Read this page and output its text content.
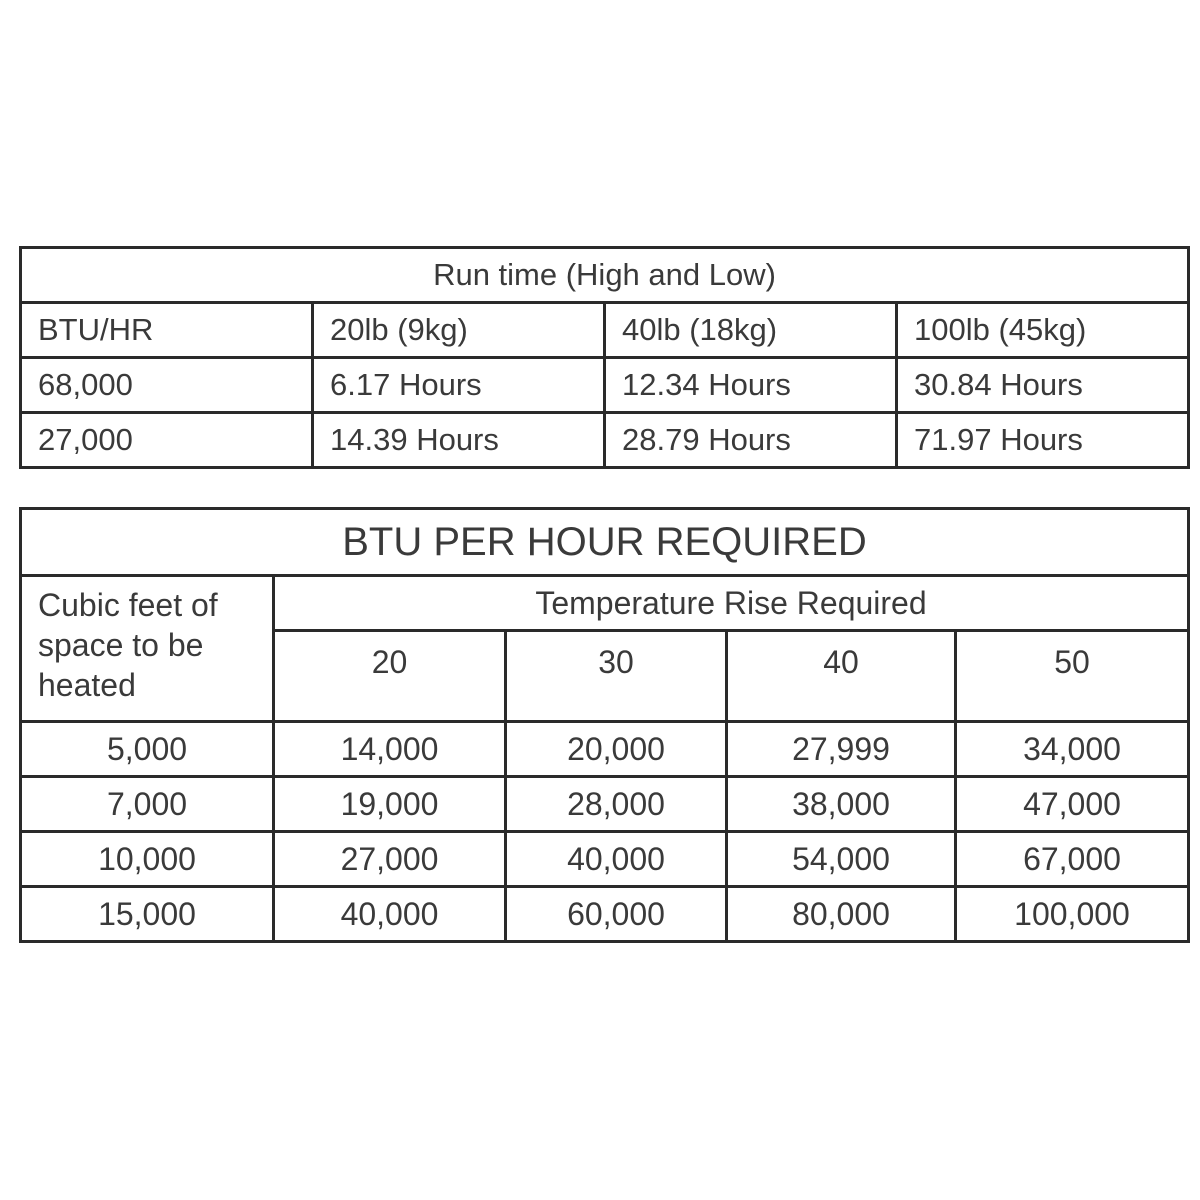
Run time (High and Low)			
BTU/HR	20lb (9kg)	40lb (18kg)	100lb (45kg)
68,000	6.17 Hours	12.34 Hours	30.84 Hours
27,000	14.39 Hours	28.79 Hours	71.97 Hours
BTU PER HOUR REQUIRED				

Cubic feet of
space to be
heated	Temperature Rise Required			
	20	30	40	50
5,000	14,000	20,000	27,999	34,000
7,000	19,000	28,000	38,000	47,000
10,000	27,000	40,000	54,000	67,000
15,000	40,000	60,000	80,000	100,000
